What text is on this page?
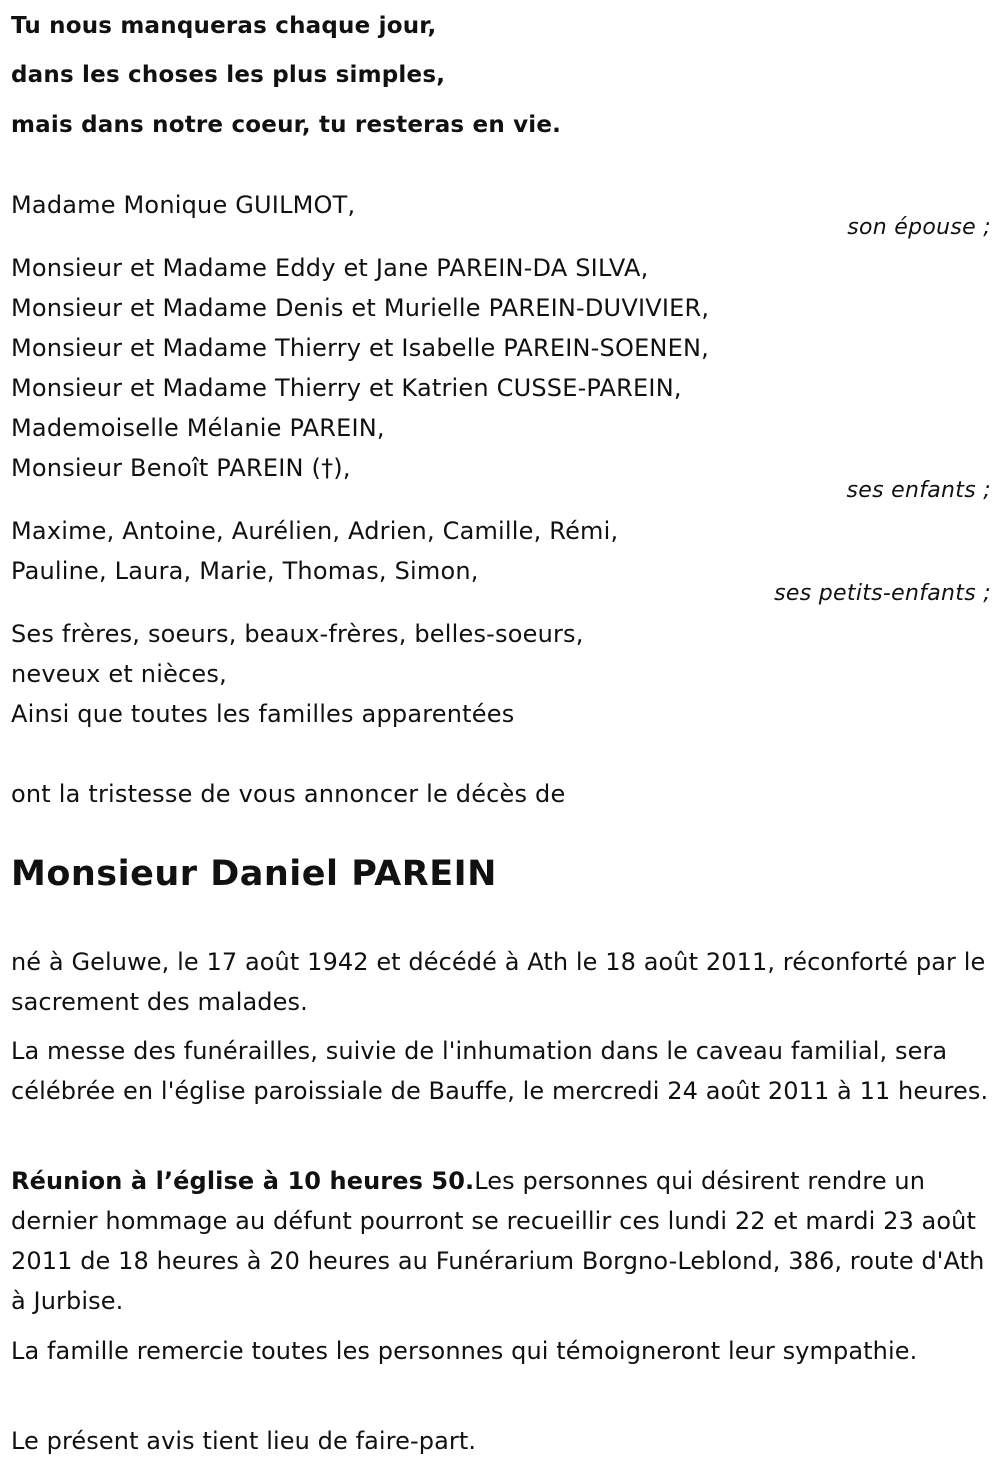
Tu nous manqueras chaque jour,
dans les choses les plus simples,
mais dans notre coeur, tu resteras en vie.
Madame Monique GUILMOT,
son épouse ;
Monsieur et Madame Eddy et Jane PAREIN-DA SILVA,
Monsieur et Madame Denis et Murielle PAREIN-DUVIVIER,
Monsieur et Madame Thierry et Isabelle PAREIN-SOENEN,
Monsieur et Madame Thierry et Katrien CUSSE-PAREIN,
Mademoiselle Mélanie PAREIN,
Monsieur Benoît PAREIN (†),
ses enfants ;
Maxime, Antoine, Aurélien, Adrien, Camille, Rémi,
Pauline, Laura, Marie, Thomas, Simon,
ses petits-enfants ;
Ses frères, soeurs, beaux-frères, belles-soeurs,
neveux et nièces,
Ainsi que toutes les familles apparentées
ont la tristesse de vous annoncer le décès de
Monsieur Daniel PAREIN
né à Geluwe, le 17 août 1942 et décédé à Ath le 18 août 2011, réconforté par le sacrement des malades.
La messe des funérailles, suivie de l'inhumation dans le caveau familial, sera célébrée en l'église paroissiale de Bauffe, le mercredi 24 août 2011 à 11 heures.
Réunion à l’église à 10 heures 50.Les personnes qui désirent rendre un dernier hommage au défunt pourront se recueillir ces lundi 22 et mardi 23 août 2011 de 18 heures à 20 heures au Funérarium Borgno-Leblond, 386, route d'Ath à Jurbise.
La famille remercie toutes les personnes qui témoigneront leur sympathie.
Le présent avis tient lieu de faire-part.
